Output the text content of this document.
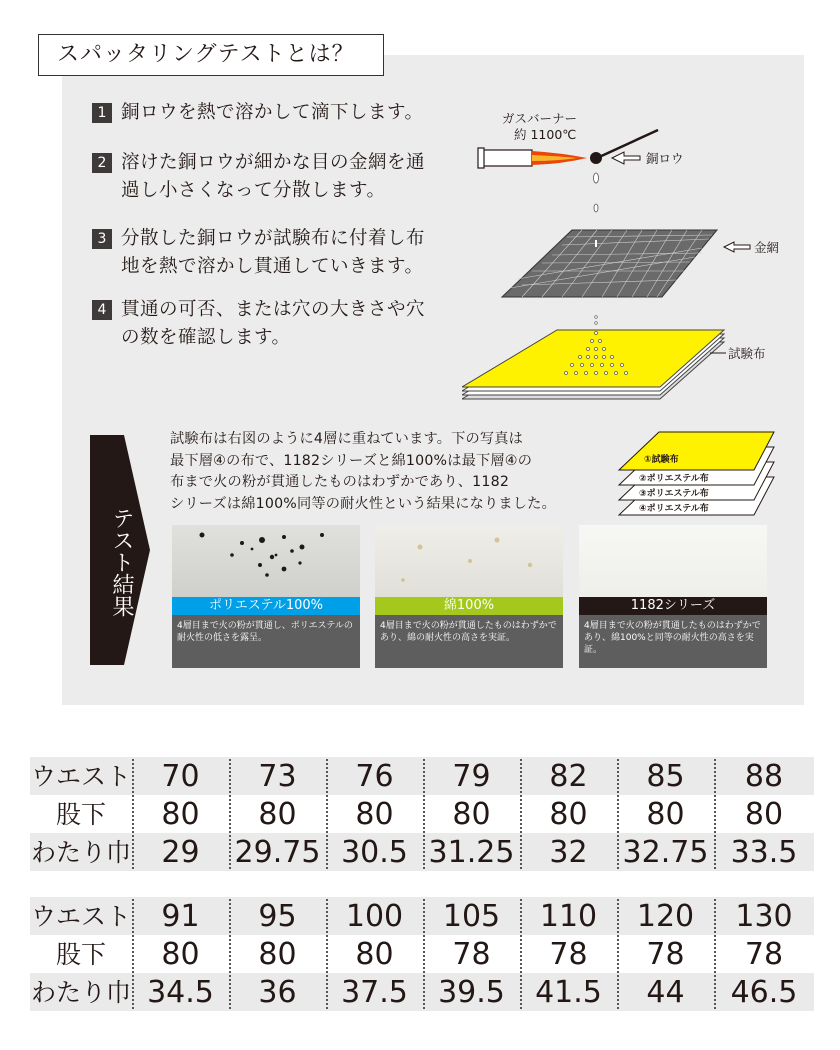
スパッタリングテストとは？
1 銅ロウを熱で溶かして滴下します。
2 溶けた銅ロウが細かな目の金網を通
過し小さくなって分散します。
3 分散した銅ロウが試験布に付着し布
地を熱で溶かし貫通していきます。
4 貫通の可否、または穴の大きさや穴
の数を確認します。
ガスバーナー
約 1100℃
銅ロウ
金網
試験布
テスト結果
試験布は右図のように4層に重ねています。下の写真は
最下層④の布で、1182シリーズと綿100%は最下層④の
布まで火の粉が貫通したものはわずかであり、1182
シリーズは綿100%同等の耐火性という結果になりました。
①試験布
②ポリエステル布
③ポリエステル布
④ポリエステル布
ポリエステル100%
4層目まで火の粉が貫通し、ポリエステルの耐火性の低さを露呈。
綿100%
4層目まで火の粉が貫通したものはわずかであり、綿の耐火性の高さを実証。
1182シリーズ
4層目まで火の粉が貫通したものはわずかであり、綿100%と同等の耐火性の高さを実証。
ウエスト	70	73	76	79	82	85	88
股下	80	80	80	80	80	80	80
わたり巾	29	29.75 30.5 31.25	32	32.75 33.5
ウエスト	91	95	100	105	110	120	130
股下	80	80	80	78	78	78	78
わたり巾 34.5	36	37.5	39.5	41.5	44	46.5
